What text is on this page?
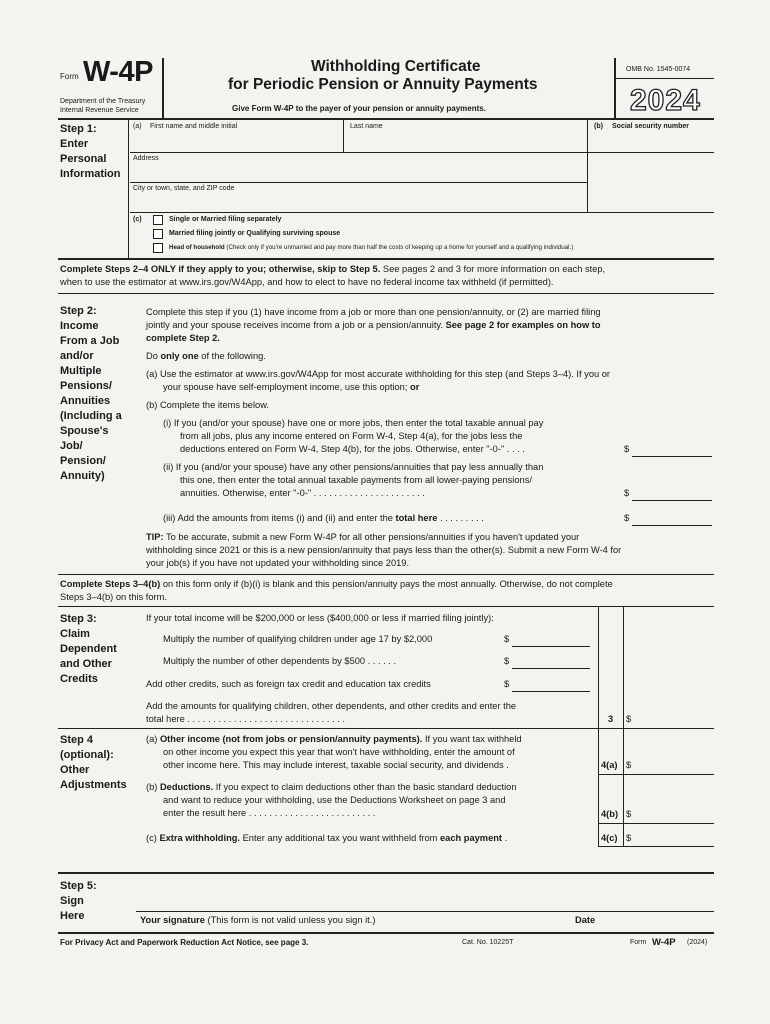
Form W-4P
Department of the Treasury
Internal Revenue Service
Withholding Certificate
for Periodic Pension or Annuity Payments
Give Form W-4P to the payer of your pension or annuity payments.
OMB No. 1545-0074
2024
Step 1:
Enter
Personal
Information
(a) First name and middle initial	Last name	(b) Social security number
Address
City or town, state, and ZIP code
(c)	Single or Married filing separately
Married filing jointly or Qualifying surviving spouse
Head of household (Check only if you're unmarried and pay more than half the costs of keeping up a home for yourself and a qualifying individual.)
Complete Steps 2–4 ONLY if they apply to you; otherwise, skip to Step 5. See pages 2 and 3 for more information on each step,
when to use the estimator at www.irs.gov/W4App, and how to elect to have no federal income tax withheld (if permitted).
Step 2:
Income
From a Job
and/or
Multiple
Pensions/
Annuities
(Including a
Spouse's
Job/
Pension/
Annuity)
Complete this step if you (1) have income from a job or more than one pension/annuity, or (2) are married filing
jointly and your spouse receives income from a job or a pension/annuity. See page 2 for examples on how to
complete Step 2.
Do only one of the following.
(a) Use the estimator at www.irs.gov/W4App for most accurate withholding for this step (and Steps 3–4). If you or
your spouse have self-employment income, use this option; or
(b) Complete the items below.
(i) If you (and/or your spouse) have one or more jobs, then enter the total taxable annual pay
from all jobs, plus any income entered on Form W-4, Step 4(a), for the jobs less the
deductions entered on Form W-4, Step 4(b), for the jobs. Otherwise, enter "-0-" . . . .	$
(ii) If you (and/or your spouse) have any other pensions/annuities that pay less annually than
this one, then enter the total annual taxable payments from all lower-paying pensions/
annuities. Otherwise, enter "-0-" . . . . . . . . . . . . . . . . . . . . . .	$
(iii) Add the amounts from items (i) and (ii) and enter the total here . . . . . . . . .	$
TIP: To be accurate, submit a new Form W-4P for all other pensions/annuities if you haven't updated your
withholding since 2021 or this is a new pension/annuity that pays less than the other(s). Submit a new Form W-4 for
your job(s) if you have not updated your withholding since 2019.
Complete Steps 3–4(b) on this form only if (b)(i) is blank and this pension/annuity pays the most annually. Otherwise, do not complete
Steps 3–4(b) on this form.
Step 3:
Claim
Dependent
and Other
Credits
If your total income will be $200,000 or less ($400,000 or less if married filing jointly):
Multiply the number of qualifying children under age 17 by $2,000	$
Multiply the number of other dependents by $500 . . . . . .	$
Add other credits, such as foreign tax credit and education tax credits	$
Add the amounts for qualifying children, other dependents, and other credits and enter the
total here . . . . . . . . . . . . . . . . . . . . . . . . . . . . . . .	3 $
Step 4
(optional):
Other
Adjustments
(a) Other income (not from jobs or pension/annuity payments). If you want tax withheld
on other income you expect this year that won't have withholding, enter the amount of
other income here. This may include interest, taxable social security, and dividends .	4(a) $
(b) Deductions. If you expect to claim deductions other than the basic standard deduction
and want to reduce your withholding, use the Deductions Worksheet on page 3 and
enter the result here . . . . . . . . . . . . . . . . . . . . . . . . .	4(b) $
(c) Extra withholding. Enter any additional tax you want withheld from each payment .	4(c) $
Step 5:
Sign
Here	Your signature (This form is not valid unless you sign it.)	Date
For Privacy Act and Paperwork Reduction Act Notice, see page 3.	Cat. No. 10225T	Form W-4P (2024)
